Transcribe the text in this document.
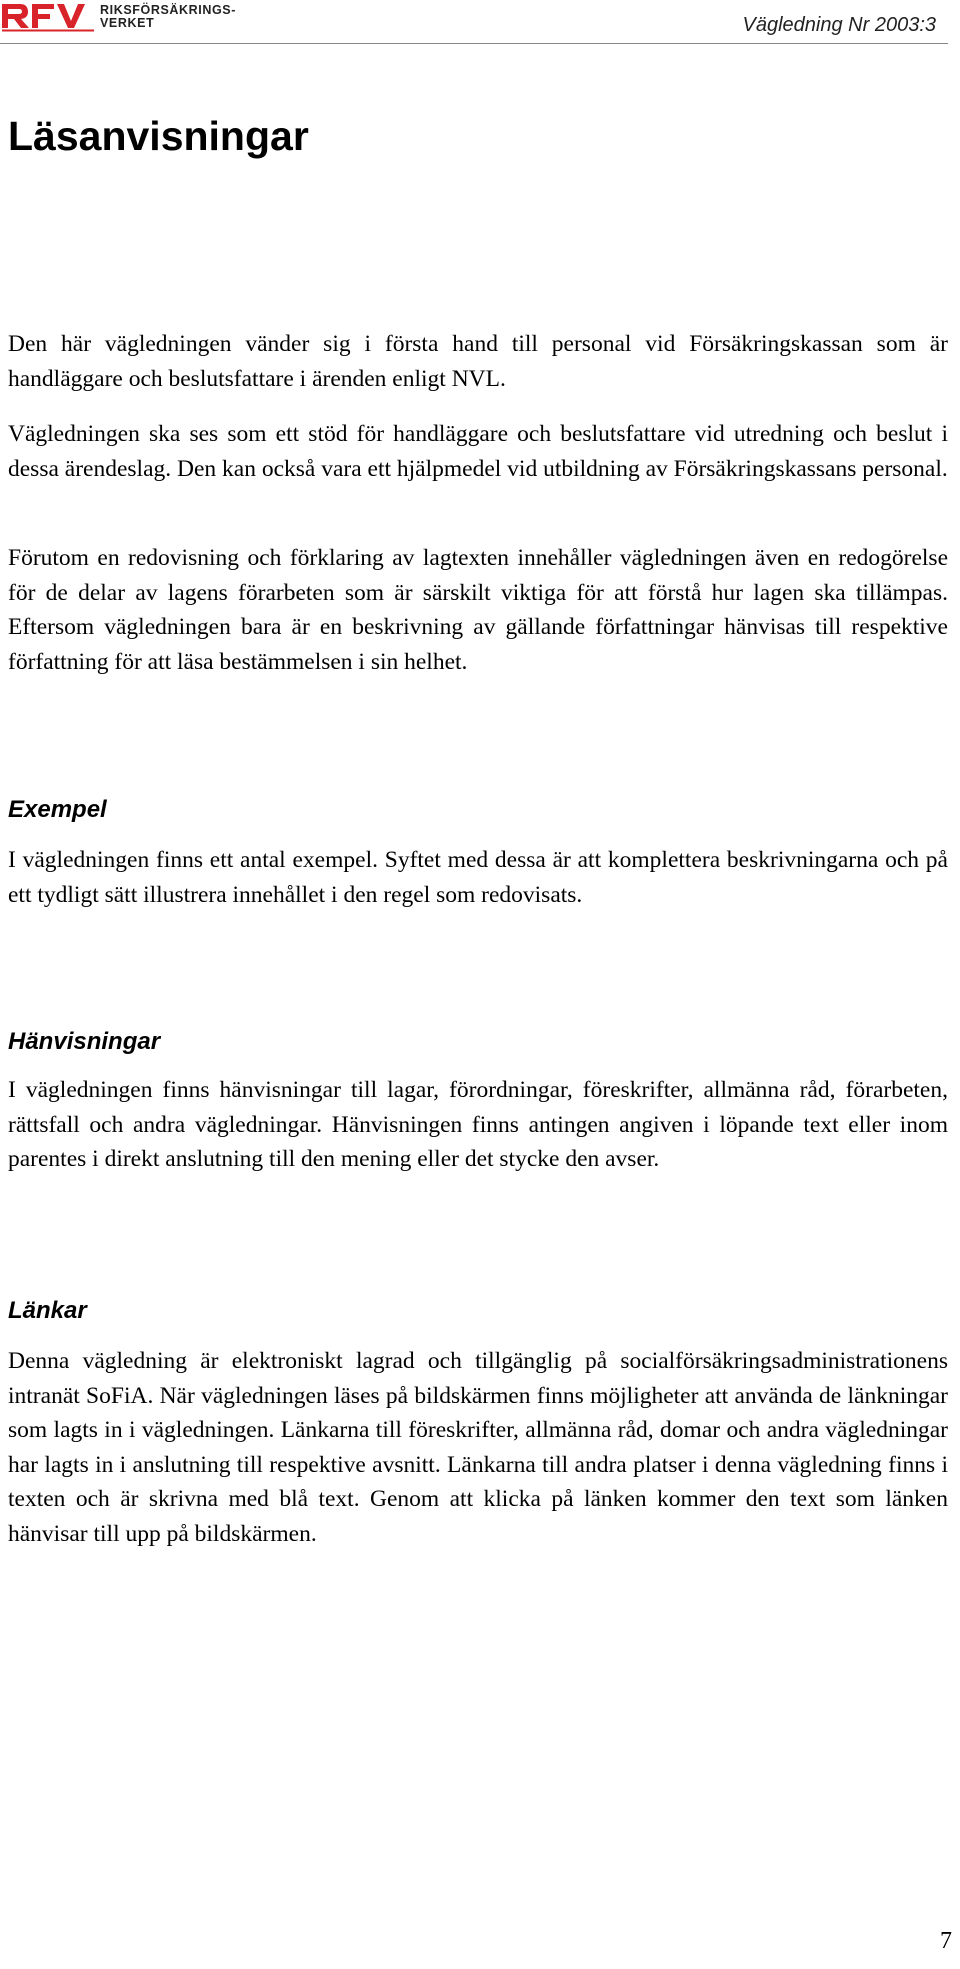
RIKSFÖRSÄKRINGS-
VERKET	Vägledning Nr 2003:3
Läsanvisningar

Den här vägledningen vänder sig i första hand till personal vid Försäkringskassan som är handläggare och beslutsfattare i ärenden enligt NVL.

Vägledningen ska ses som ett stöd för handläggare och beslutsfattare vid utredning och beslut i dessa ärendeslag. Den kan också vara ett hjälpmedel vid utbildning av Försäkringskassans personal.

Förutom en redovisning och förklaring av lagtexten innehåller vägledningen även en redogörelse för de delar av lagens förarbeten som är särskilt viktiga för att förstå hur lagen ska tillämpas. Eftersom vägledningen bara är en beskrivning av gällande författningar hänvisas till respektive författning för att läsa bestämmelsen i sin helhet.

Exempel

I vägledningen finns ett antal exempel. Syftet med dessa är att komplettera beskrivningarna och på ett tydligt sätt illustrera innehållet i den regel som redovisats.

Hänvisningar

I vägledningen finns hänvisningar till lagar, förordningar, föreskrifter, allmänna råd, förarbeten, rättsfall och andra vägledningar. Hänvisningen finns antingen angiven i löpande text eller inom parentes i direkt anslutning till den mening eller det stycke den avser.

Länkar

Denna vägledning är elektroniskt lagrad och tillgänglig på socialförsäkringsadministrationens intranät SoFiA. När vägledningen läses på bildskärmen finns möjligheter att använda de länkningar som lagts in i vägledningen. Länkarna till föreskrifter, allmänna råd, domar och andra vägledningar har lagts in i anslutning till respektive avsnitt. Länkarna till andra platser i denna vägledning finns i texten och är skrivna med blå text. Genom att klicka på länken kommer den text som länken hänvisar till upp på bildskärmen.

7
